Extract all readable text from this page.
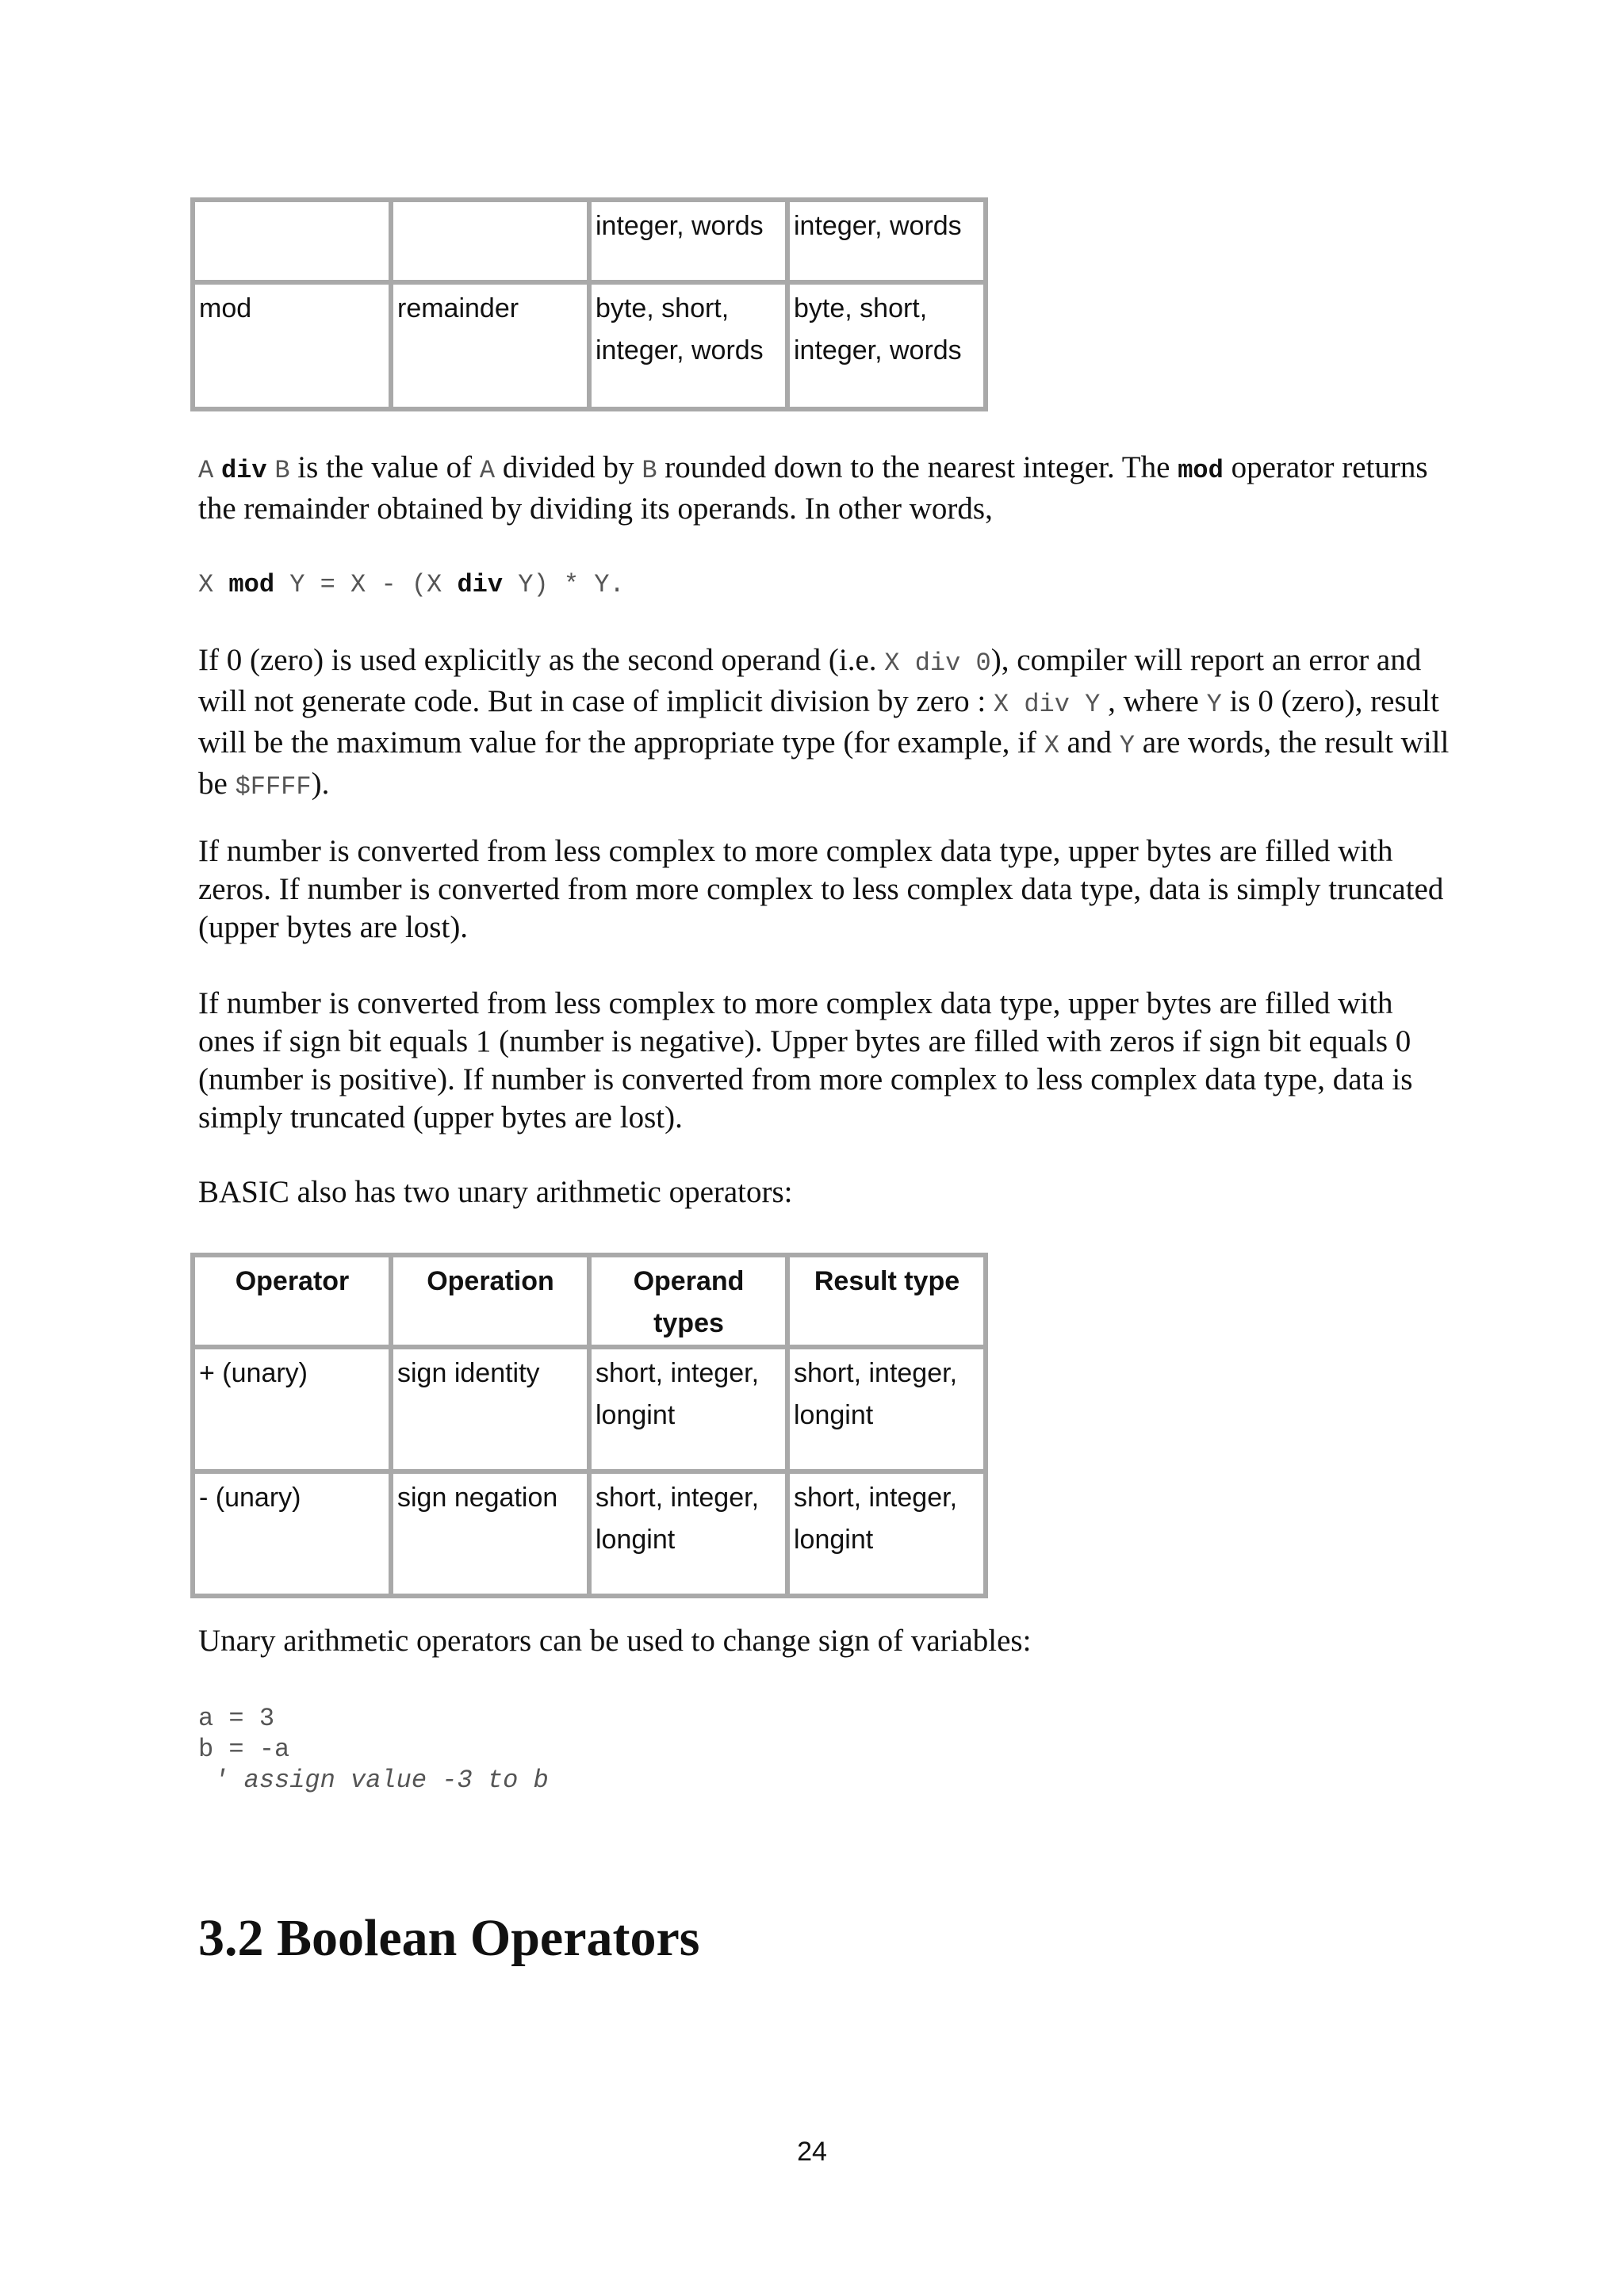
		integer, words	integer, words
mod	remainder	byte, short, integer, words	byte, short, integer, words

A div B is the value of A divided by B rounded down to the nearest integer. The mod operator returns the remainder obtained by dividing its operands. In other words,

X mod Y = X - (X div Y) * Y.

If 0 (zero) is used explicitly as the second operand (i.e. X div 0), compiler will report an error and will not generate code. But in case of implicit division by zero : X div Y , where Y is 0 (zero), result will be the maximum value for the appropriate type (for example, if X and Y are words, the result will be $FFFF).

If number is converted from less complex to more complex data type, upper bytes are filled with zeros. If number is converted from more complex to less complex data type, data is simply truncated (upper bytes are lost).

If number is converted from less complex to more complex data type, upper bytes are filled with ones if sign bit equals 1 (number is negative). Upper bytes are filled with zeros if sign bit equals 0 (number is positive). If number is converted from more complex to less complex data type, data is simply truncated (upper bytes are lost).

BASIC also has two unary arithmetic operators:

Operator	Operation	Operand types	Result type
+ (unary)	sign identity	short, integer, longint	short, integer, longint
- (unary)	sign negation	short, integer, longint	short, integer, longint

Unary arithmetic operators can be used to change sign of variables:

a = 3
b = -a
' assign value -3 to b
3.2 Boolean Operators
24
